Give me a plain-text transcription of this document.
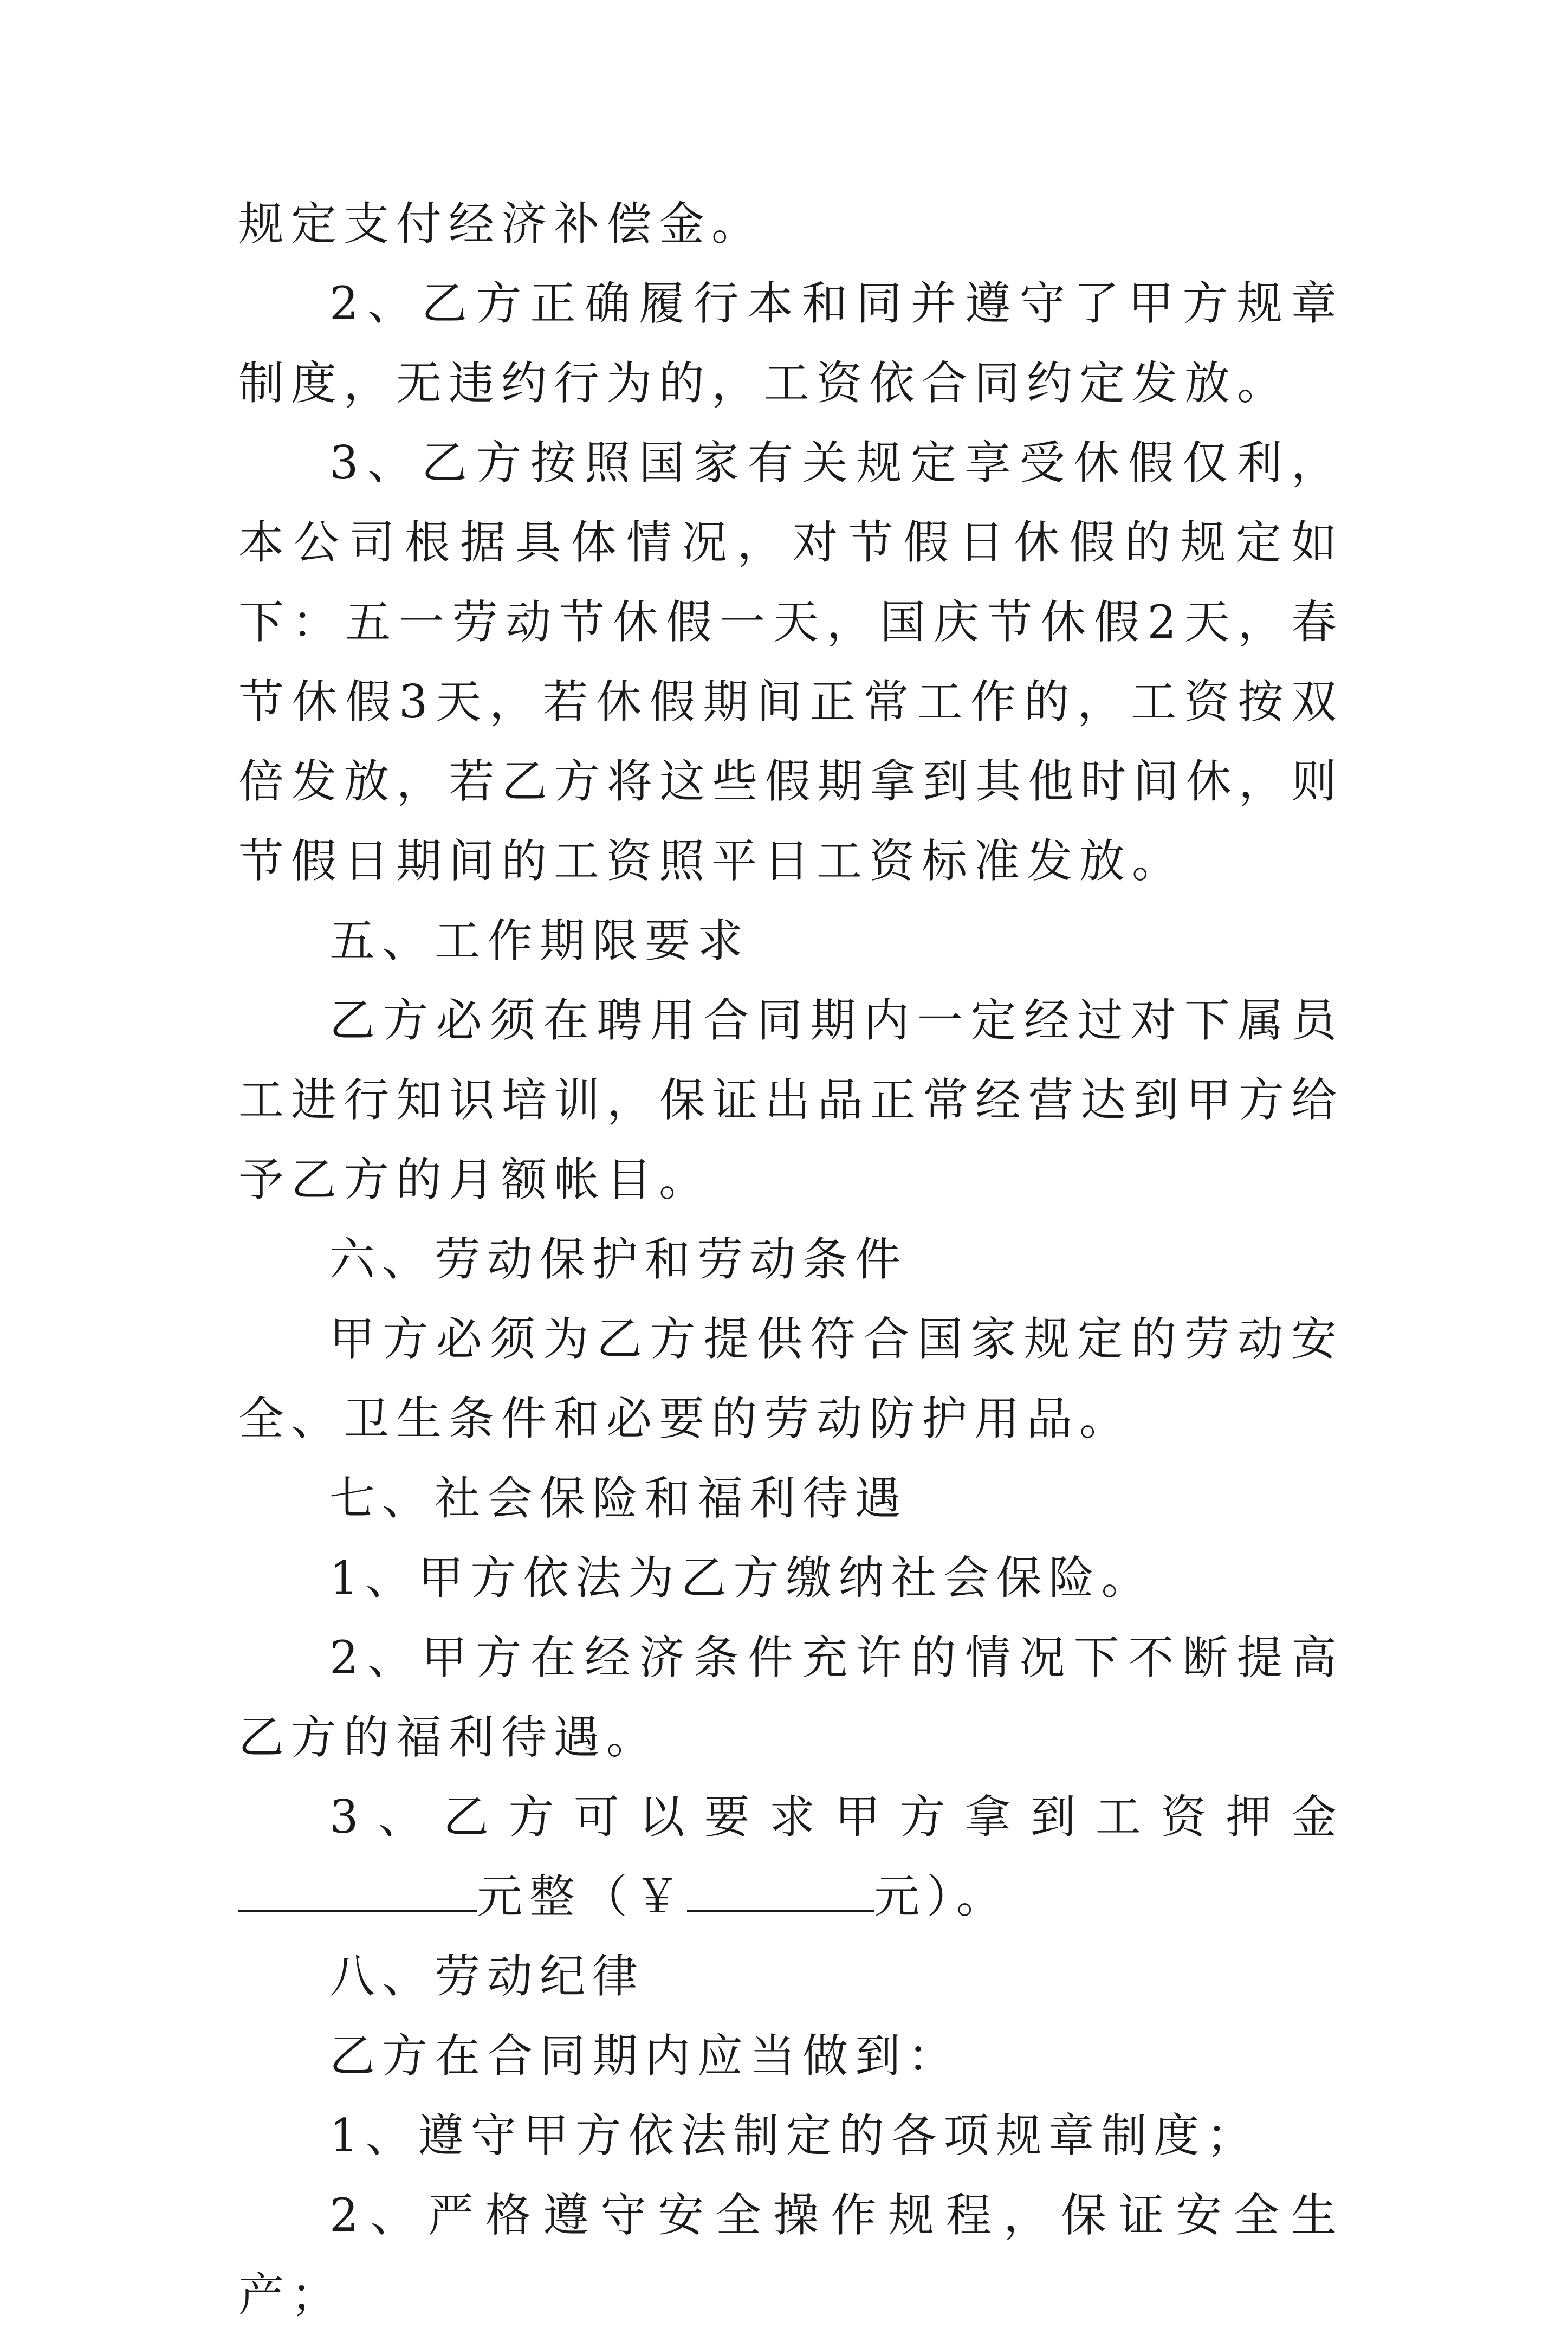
规定支付经济补偿金。

2、乙方正确履行本和同并遵守了甲方规章制度，无违约行为的，工资依合同约定发放。

3、乙方按照国家有关规定享受休假仅利，本公司根据具体情况，对节假日休假的规定如下：五一劳动节休假一天，国庆节休假2天，春节休假3天，若休假期间正常工作的，工资按双倍发放，若乙方将这些假期拿到其他时间休，则节假日期间的工资照平日工资标准发放。

五、工作期限要求

乙方必须在聘用合同期内一定经过对下属员工进行知识培训，保证出品正常经营达到甲方给予乙方的月额帐目。

六、劳动保护和劳动条件

甲方必须为乙方提供符合国家规定的劳动安全、卫生条件和必要的劳动防护用品。

七、社会保险和福利待遇

1、甲方依法为乙方缴纳社会保险。

2、甲方在经济条件充许的情况下不断提高乙方的福利待遇。

3、乙方可以要求甲方拿到工资押金元整（￥	元）。

八、劳动纪律

乙方在合同期内应当做到：

1、遵守甲方依法制定的各项规章制度；

2、严格遵守安全操作规程，保证安全生产；
